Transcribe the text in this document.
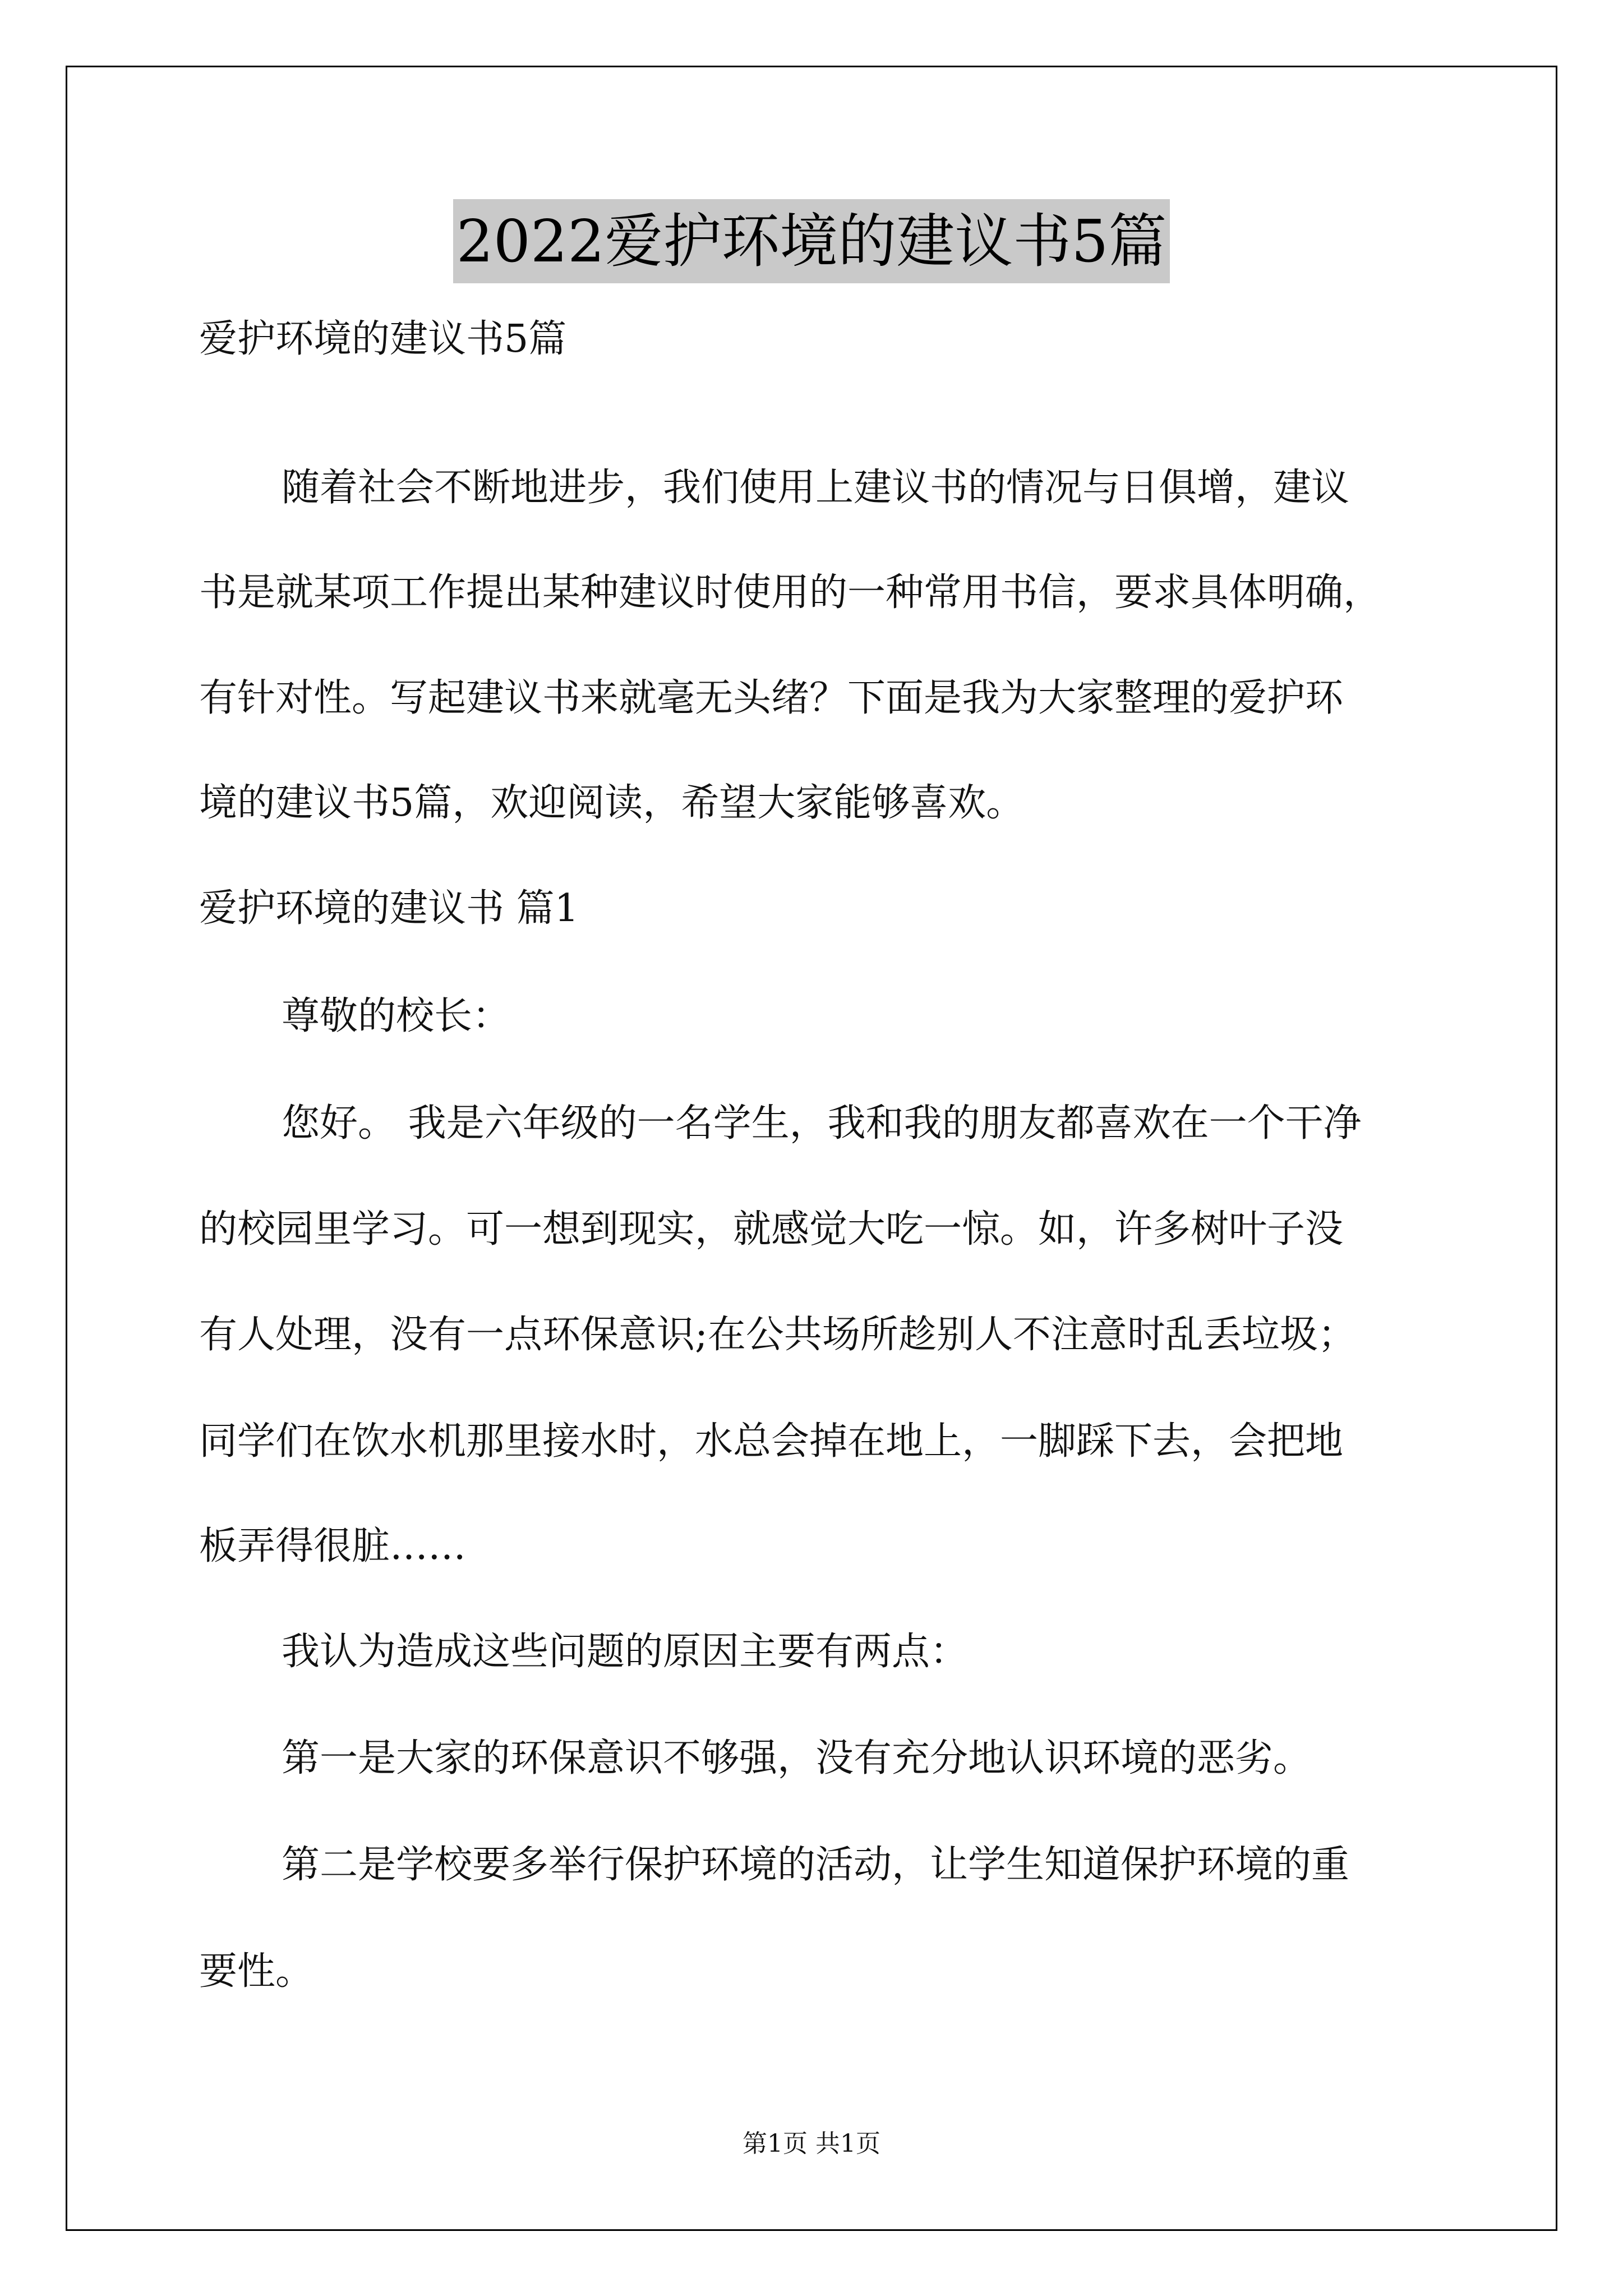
2022爱护环境的建议书5篇

爱护环境的建议书5篇

随着社会不断地进步，我们使用上建议书的情况与日俱增，建议

书是就某项工作提出某种建议时使用的一种常用书信，要求具体明确，

有针对性。写起建议书来就毫无头绪？下面是我为大家整理的爱护环

境的建议书5篇，欢迎阅读，希望大家能够喜欢。

爱护环境的建议书 篇1

尊敬的校长：

您好。 我是六年级的一名学生，我和我的朋友都喜欢在一个干净

的校园里学习。可一想到现实，就感觉大吃一惊。如，许多树叶子没

有人处理，没有一点环保意识;在公共场所趁别人不注意时乱丢垃圾；

同学们在饮水机那里接水时，水总会掉在地上，一脚踩下去，会把地

板弄得很脏……

我认为造成这些问题的原因主要有两点：

第一是大家的环保意识不够强，没有充分地认识环境的恶劣。

第二是学校要多举行保护环境的活动，让学生知道保护环境的重

要性。

第1页 共1页
